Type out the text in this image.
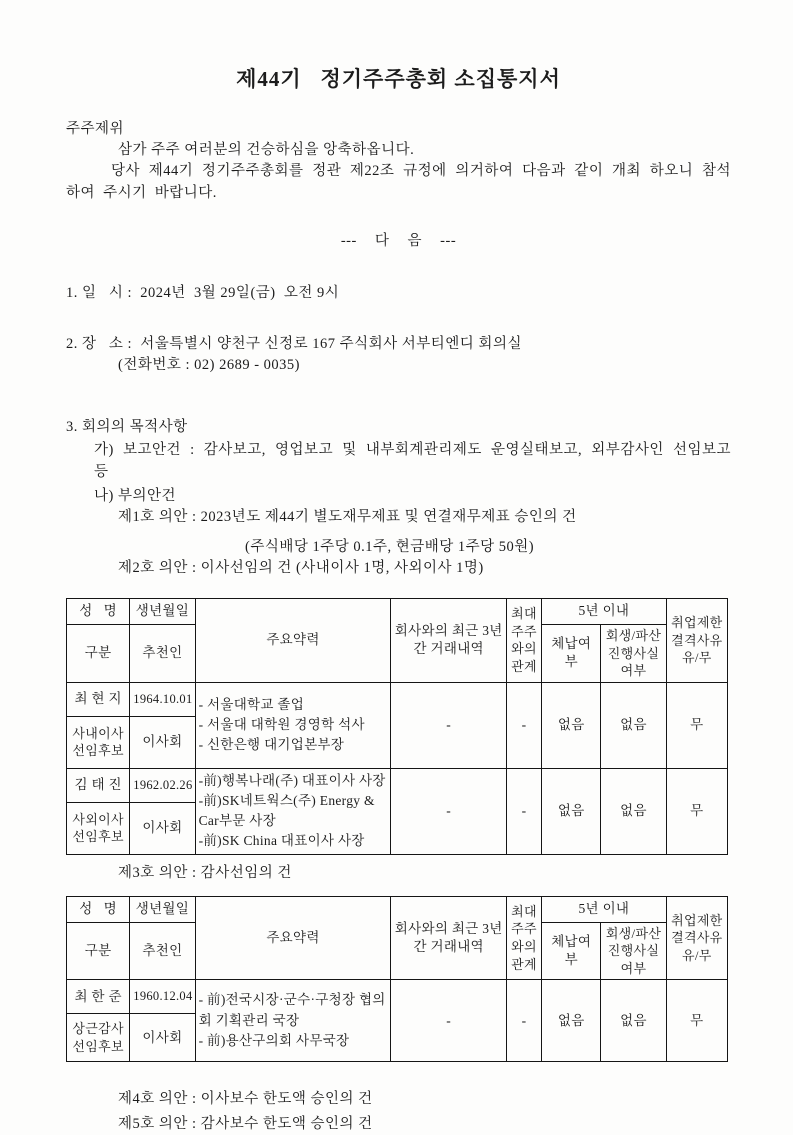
제44기   정기주주총회 소집통지서
주주제위
삼가 주주 여러분의 건승하심을 앙축하옵니다.
당사 제44기 정기주주총회를 정관 제22조 규정에 의거하여 다음과 같이 개최 하오니 참석하여 주시기 바랍니다.
--- 다 음 ---
1. 일   시 :  2024년  3월 29일(금)  오전 9시
2. 장   소 :  서울특별시 양천구 신정로 167 주식회사 서부티엔디 회의실
(전화번호 : 02) 2689 - 0035)
3. 회의의 목적사항
가) 보고안건 : 감사보고, 영업보고 및 내부회계관리제도 운영실태보고, 외부감사인 선임보고 등
나) 부의안건
제1호 의안 : 2023년도 제44기 별도재무제표 및 연결재무제표 승인의 건
(주식배당 1주당 0.1주, 현금배당 1주당 50원)
제2호 의안 : 이사선임의 건 (사내이사 1명, 사외이사 1명)
성   명	생년월일	주요약력	회사와의 최근 3년간 거래내역	최대주주와의관계	5년 이내		취업제한결격사유유/무
구분	추천인				체납여부	회생/파산 진행사실 여부	
최 현 지	1964.10.01	- 서울대학교 졸업
- 서울대 대학원 경영학 석사
- 신한은행 대기업본부장	-	-	없음	없음	무
사내이사 선임후보	이사회						
김 태 진	1962.02.26	-前)행복나래(주) 대표이사 사장
-前)SK네트웍스(주) Energy & Car부문 사장
-前)SK China 대표이사 사장	-	-	없음	없음	무
사외이사 선임후보	이사회						
제3호 의안 : 감사선임의 건
성   명	생년월일	주요약력	회사와의 최근 3년간 거래내역	최대주주와의관계	5년 이내		취업제한결격사유유/무
구분	추천인				체납여부	회생/파산 진행사실 여부	
최 한 준	1960.12.04	- 前)전국시장·군수·구청장 협의회 기획관리 국장
- 前)용산구의회 사무국장	-	-	없음	없음	무
상근감사 선임후보	이사회						
제4호 의안 : 이사보수 한도액 승인의 건
제5호 의안 : 감사보수 한도액 승인의 건
